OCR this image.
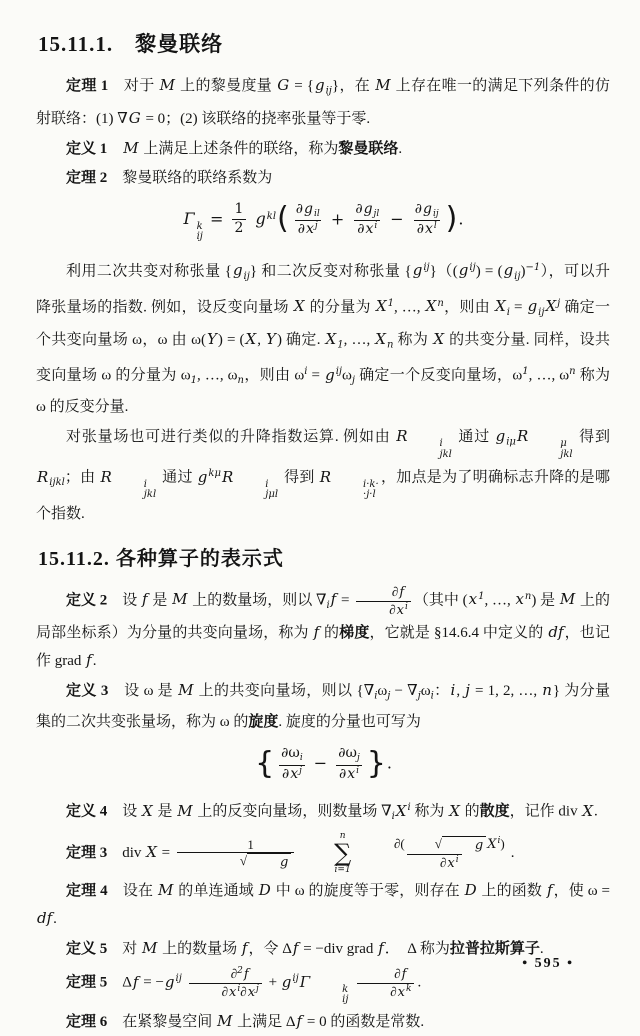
15.11.1.　黎曼联络

定理 1　对于 M 上的黎曼度量 $G = \{g_{ij}\}$，在 M 上存在唯一的满足下列条件的仿射联络：(1) ∇G = 0；(2) 该联络的挠率张量等于零.

定义 1　 M 上满足上述条件的联络，称为黎曼联络.

定理 2　黎曼联络的联络系数为

Γ k
ij
= $\frac{1}{2} g^{kl}$( $\partial g_{il}$
$\partial x^j$ +
$\partial g_{jl}$
$\partial x^i$ −
$\partial g_{ij}$
$\partial x^l$ ).

利用二次共变对称张量 $\{g_{ij}\}$ 和二次反变对称张量 $\{g^{ij}\}((g^{ij}) = (g_{ij})^{-1})$，可以升降张量场的指数. 例如，设反变向量场 X 的分量为 $X^1$, …, $X^n$，则由 $X_i = g_{ij}X^j$ 确定一个共变向量场 ω，ω 由 ω(Y) = (X, Y) 确定. $X_1$, …, $X_n$ 称为 X 的共变分量. 同样，设共变向量场 ω 的分量为 $\omega_1$, …, $\omega_n$，则由 $\omega^i = g^{ij}\omega_j$ 确定一个反变向量场，$\omega^1$, …, $\omega^n$ 称为 ω 的反变分量.

对张量场也可进行类似的升降指数运算. 例如由 R	i
jkl
通过 $g_{i\mu}R$	μ
jkl
得到 $R_{ijkl}$；由 R	i
jkl
通过 $g^{k\mu}R$	i
jμl
得到 R	i·k·
·j·l
，加点是为了明确标志升降的是哪个指数.

15.11.2. 各种算子的表示式

定义 2　设 f 是 M 上的数量场，则以 $\nabla_if = \frac{\partial f}{\partial x^i}$ （其中 ($x^1$, …, $x^n$) 是 M 上的局部坐标系）为分量的共变向量场，称为 f 的梯度，它就是 §14.6.4 中定义的 df，也记作 grad f.

定义 3　设 ω 是 M 上的共变向量场，则以 {$\nabla_i\omega_j - \nabla_j\omega_i$：i, j = 1, 2, …, n} 为分量集的二次共变张量场，称为 ω 的旋度. 旋度的分量也可写为

{ $\frac{\partial\omega_i}{\partial x^j} - \frac{\partial\omega_j}{\partial x^i}$ }.

定义 4　设 X 是 M 上的反变向量场，则数量场 $\nabla_iX^i$ 称为 X 的散度，记作 div X.

定理 3　div X = 1
√	g

n
∑
i=1

∂(	√	g $X^i$)
$\partial x^i$	.

定理 4　设在 M 的单连通域 D 中 ω 的旋度等于零，则存在 D 上的函数 f，使 ω = df.

定义 5　对 M 上的数量场 f，令 Δf = −div grad f．  Δ 称为拉普拉斯算子.

定理 5　$\Delta f = -g^{ij} \frac{\partial^2f}{\partial x^i\partial x^j} + g^{ij}\Gamma$	k
ij
$\frac{\partial f}{\partial x^k}$ .

定理 6　在紧黎曼空间 M 上满足 Δf = 0 的函数是常数.

• 595 •
